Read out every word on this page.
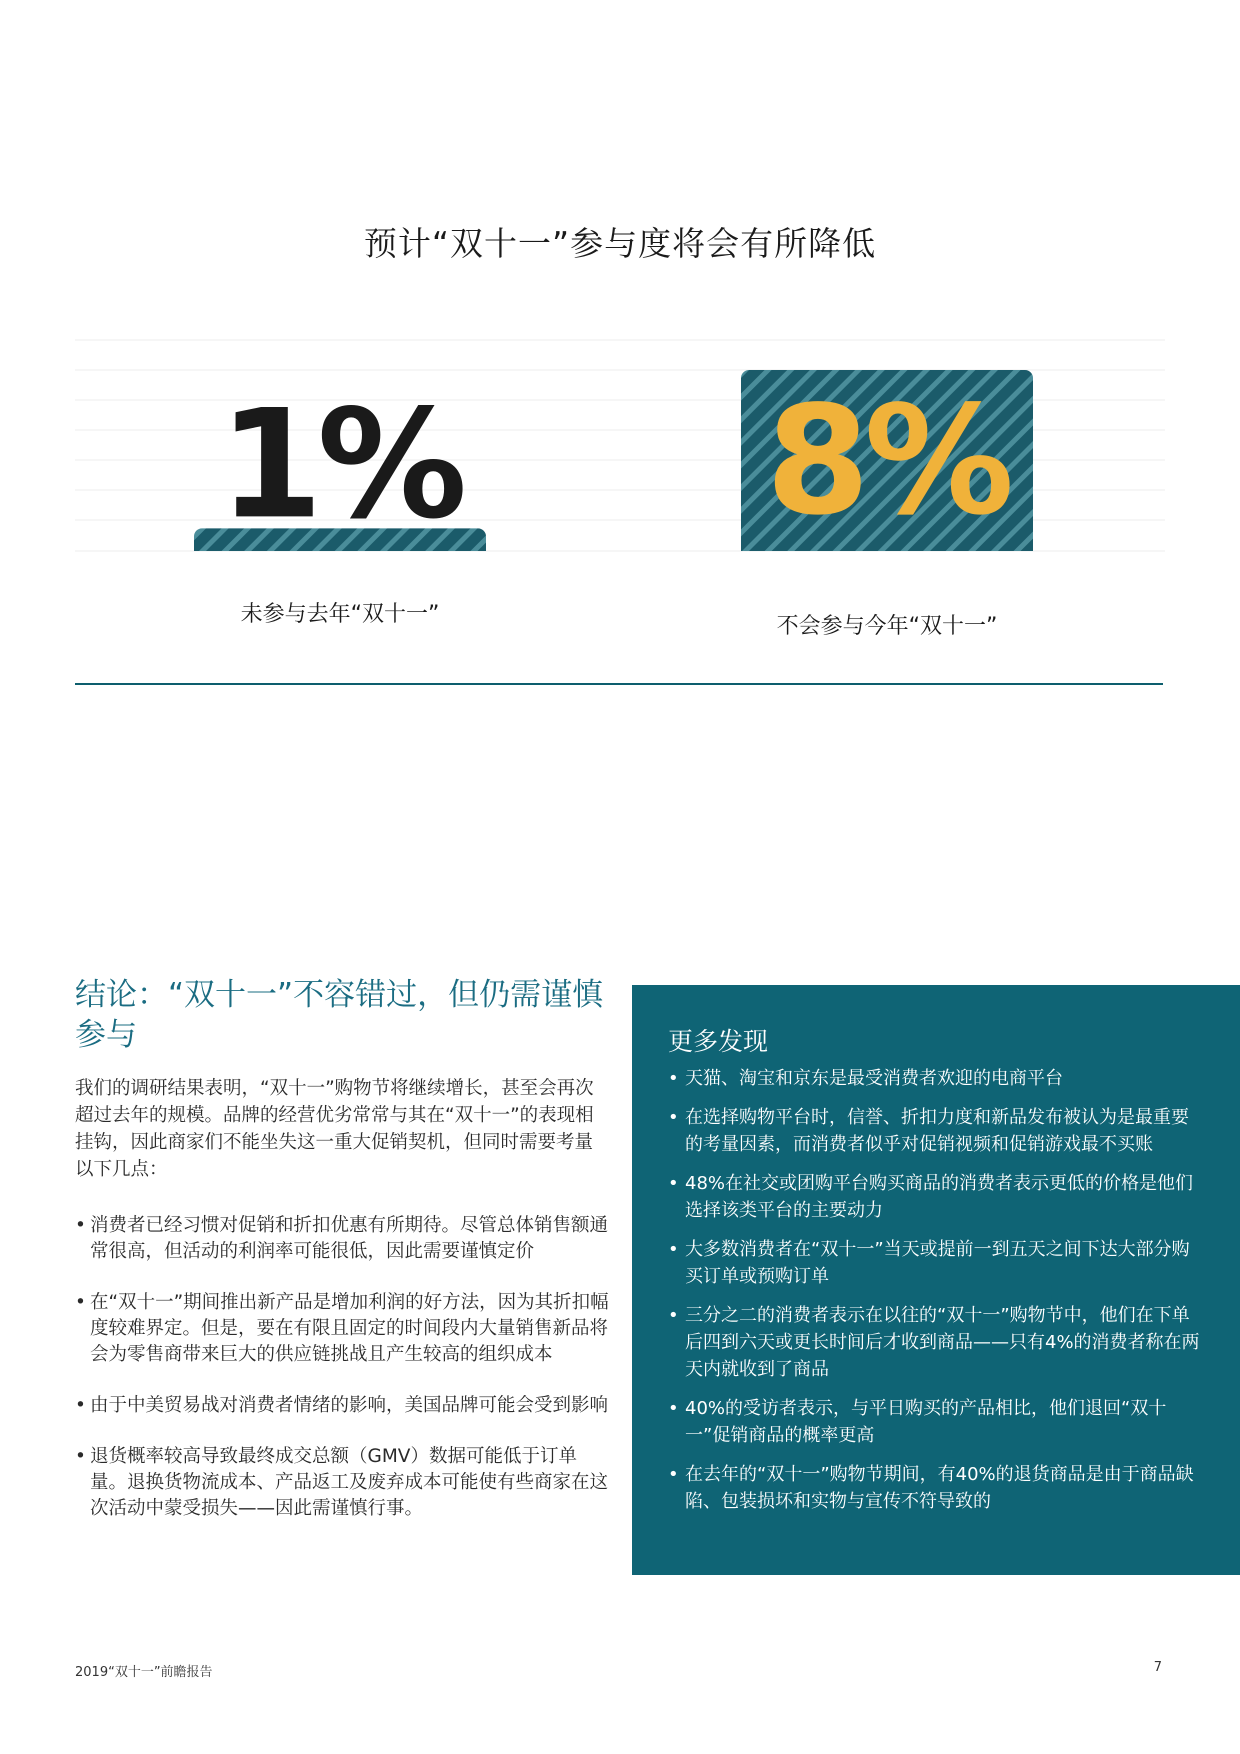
预计“双十一”参与度将会有所降低
1% 8%
未参与去年“双十一”	不会参与今年“双十一”
结论：“双十一”不容错过，但仍需谨慎参与

我们的调研结果表明，“双十一”购物节将继续增长，甚至会再次超过去年的规模。品牌的经营优劣常常与其在“双十一”的表现相挂钩，因此商家们不能坐失这一重大促销契机，但同时需要考量以下几点：

• 消费者已经习惯对促销和折扣优惠有所期待。尽管总体销售额通常很高，但活动的利润率可能很低，因此需要谨慎定价
• 在“双十一”期间推出新产品是增加利润的好方法，因为其折扣幅度较难界定。但是，要在有限且固定的时间段内大量销售新品将会为零售商带来巨大的供应链挑战且产生较高的组织成本
• 由于中美贸易战对消费者情绪的影响，美国品牌可能会受到影响
• 退货概率较高导致最终成交总额（GMV）数据可能低于订单量。退换货物流成本、产品返工及废弃成本可能使有些商家在这次活动中蒙受损失——因此需谨慎行事。
更多发现
• 天猫、淘宝和京东是最受消费者欢迎的电商平台
• 在选择购物平台时，信誉、折扣力度和新品发布被认为是最重要的考量因素，而消费者似乎对促销视频和促销游戏最不买账
• 48%在社交或团购平台购买商品的消费者表示更低的价格是他们选择该类平台的主要动力
• 大多数消费者在“双十一”当天或提前一到五天之间下达大部分购买订单或预购订单
• 三分之二的消费者表示在以往的“双十一”购物节中，他们在下单后四到六天或更长时间后才收到商品——只有4%的消费者称在两天内就收到了商品
• 40%的受访者表示，与平日购买的产品相比，他们退回“双十一”促销商品的概率更高
• 在去年的“双十一”购物节期间，有40%的退货商品是由于商品缺陷、包装损坏和实物与宣传不符导致的
2019“双十一”前瞻报告	7
